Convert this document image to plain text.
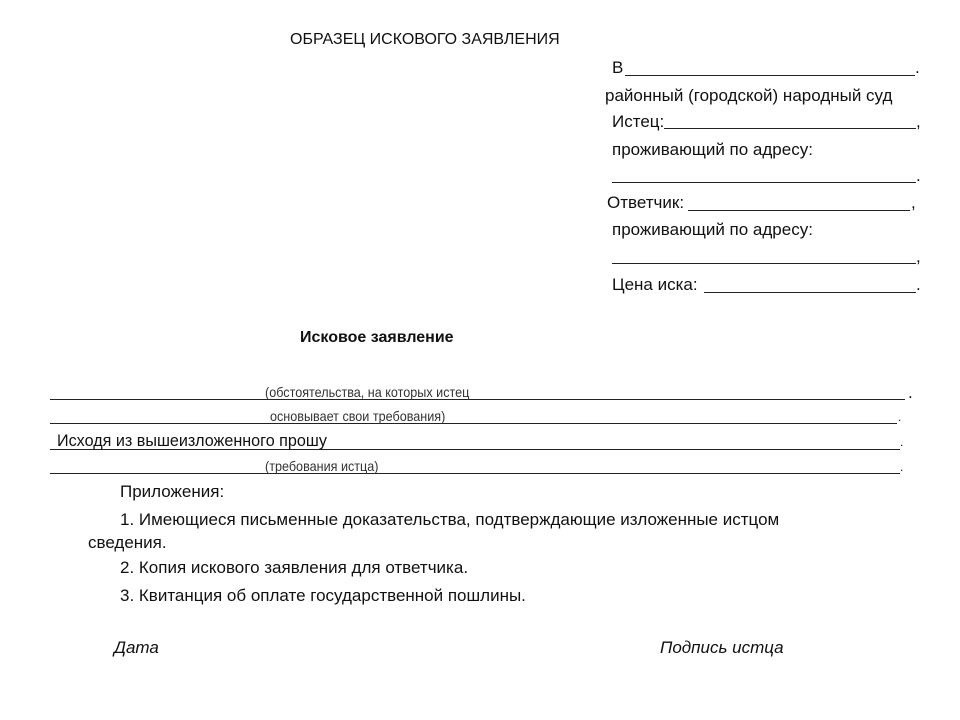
ОБРАЗЕЦ ИСКОВОГО ЗАЯВЛЕНИЯ
В	.
районный (городской) народный суд
Истец:	,
проживающий по адресу:
.
Ответчик:	,
проживающий по адресу:
,
Цена иска:	.
Исковое заявление
(обстоятельства, на которых истец	.
основывает свои требования)	.
Исходя из вышеизложенного прошу	.
(требования истца)	.
Приложения:
1. Имеющиеся письменные доказательства, подтверждающие изложенные истцом
сведения.
2. Копия искового заявления для ответчика.
3. Квитанция об оплате государственной пошлины.
Дата	Подпись истца
